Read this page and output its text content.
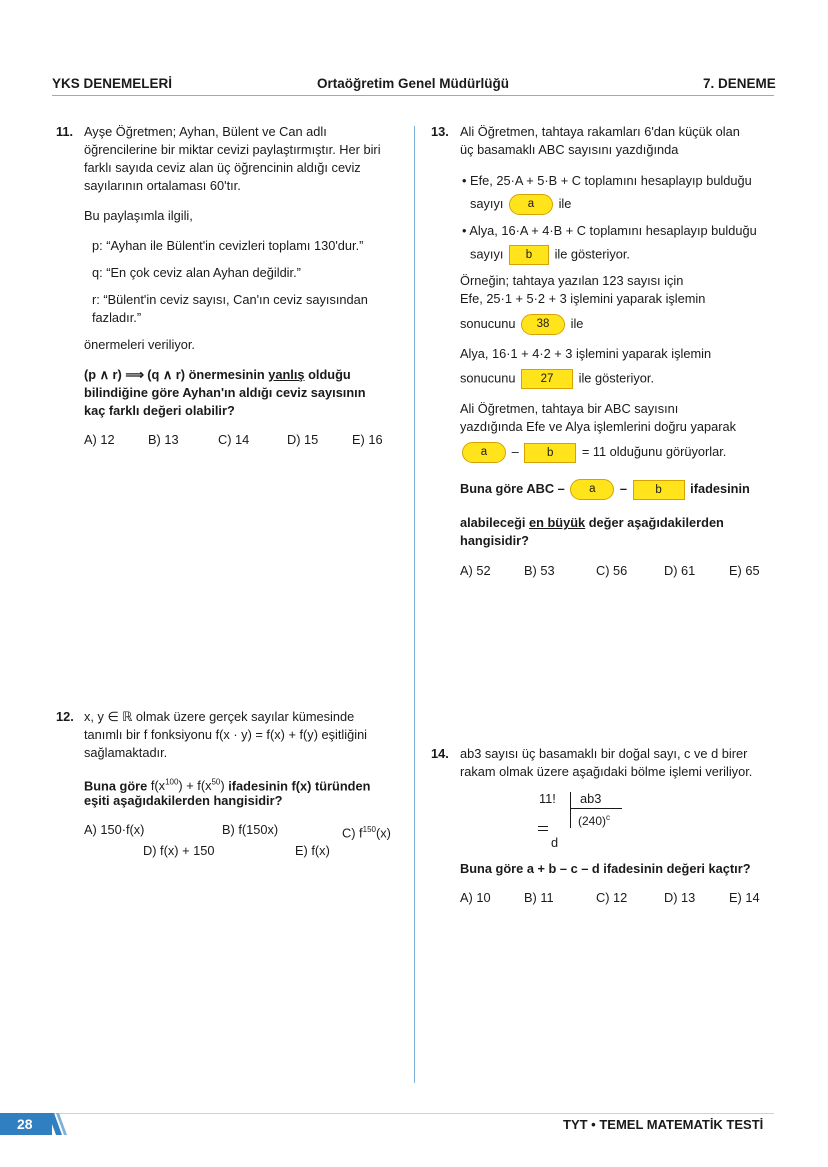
YKS DENEMELERİ	Ortaöğretim Genel Müdürlüğü	7. DENEME
11. Ayşe Öğretmen; Ayhan, Bülent ve Can adlı
öğrencilerine bir miktar cevizi paylaştırmıştır. Her biri
farklı sayıda ceviz alan üç öğrencinin aldığı ceviz
sayılarının ortalaması 60'tır.
Bu paylaşımla ilgili,
p: “Ayhan ile Bülent'in cevizleri toplamı 130'dur.”
q: “En çok ceviz alan Ayhan değildir.”
r: “Bülent'in ceviz sayısı, Can'ın ceviz sayısından
fazladır.”
önermeleri veriliyor.
(p ∧ r) ⟹ (q ∧ r) önermesinin yanlış olduğu
bilindiğine göre Ayhan'ın aldığı ceviz sayısının
kaç farklı değeri olabilir?
A) 12	B) 13	C) 14	D) 15	E) 16
12. x, y ∈ ℝ olmak üzere gerçek sayılar kümesinde
tanımlı bir f fonksiyonu f(x · y) = f(x) + f(y) eşitliğini
sağlamaktadır.
Buna göre $f(x^{100}) + f(x^{50})$ ifadesinin f(x) türünden
eşiti aşağıdakilerden hangisidir?
A) 150·f(x)	B) f(150x)	C) $f^{150}(x)$
D) f(x) + 150	E) f(x)
13. Ali Öğretmen, tahtaya rakamları 6'dan küçük olan
üç basamaklı ABC sayısını yazdığında
• Efe, 25·A + 5·B + C toplamını hesaplayıp bulduğu
sayıyı a ile
• Alya, 16·A + 4·B + C toplamını hesaplayıp bulduğu
sayıyı b ile gösteriyor.
Örneğin; tahtaya yazılan 123 sayısı için
Efe, 25·1 + 5·2 + 3 işlemini yaparak işlemin
sonucunu 38 ile
Alya, 16·1 + 4·2 + 3 işlemini yaparak işlemin
sonucunu 27 ile gösteriyor.
Ali Öğretmen, tahtaya bir ABC sayısını
yazdığında Efe ve Alya işlemlerini doğru yaparak
a – b = 11 olduğunu görüyorlar.
Buna göre ABC – a – b ifadesinin
alabileceği en büyük değer aşağıdakilerden
hangisidir?
A) 52	B) 53	C) 56	D) 61	E) 65
14. ab3 sayısı üç basamaklı bir doğal sayı, c ve d birer
rakam olmak üzere aşağıdaki bölme işlemi veriliyor.
11! ab3
$(240)^c$
d
Buna göre a + b – c – d ifadesinin değeri kaçtır?
A) 10	B) 11	C) 12	D) 13	E) 14
28	TYT • TEMEL MATEMATİK TESTİ
